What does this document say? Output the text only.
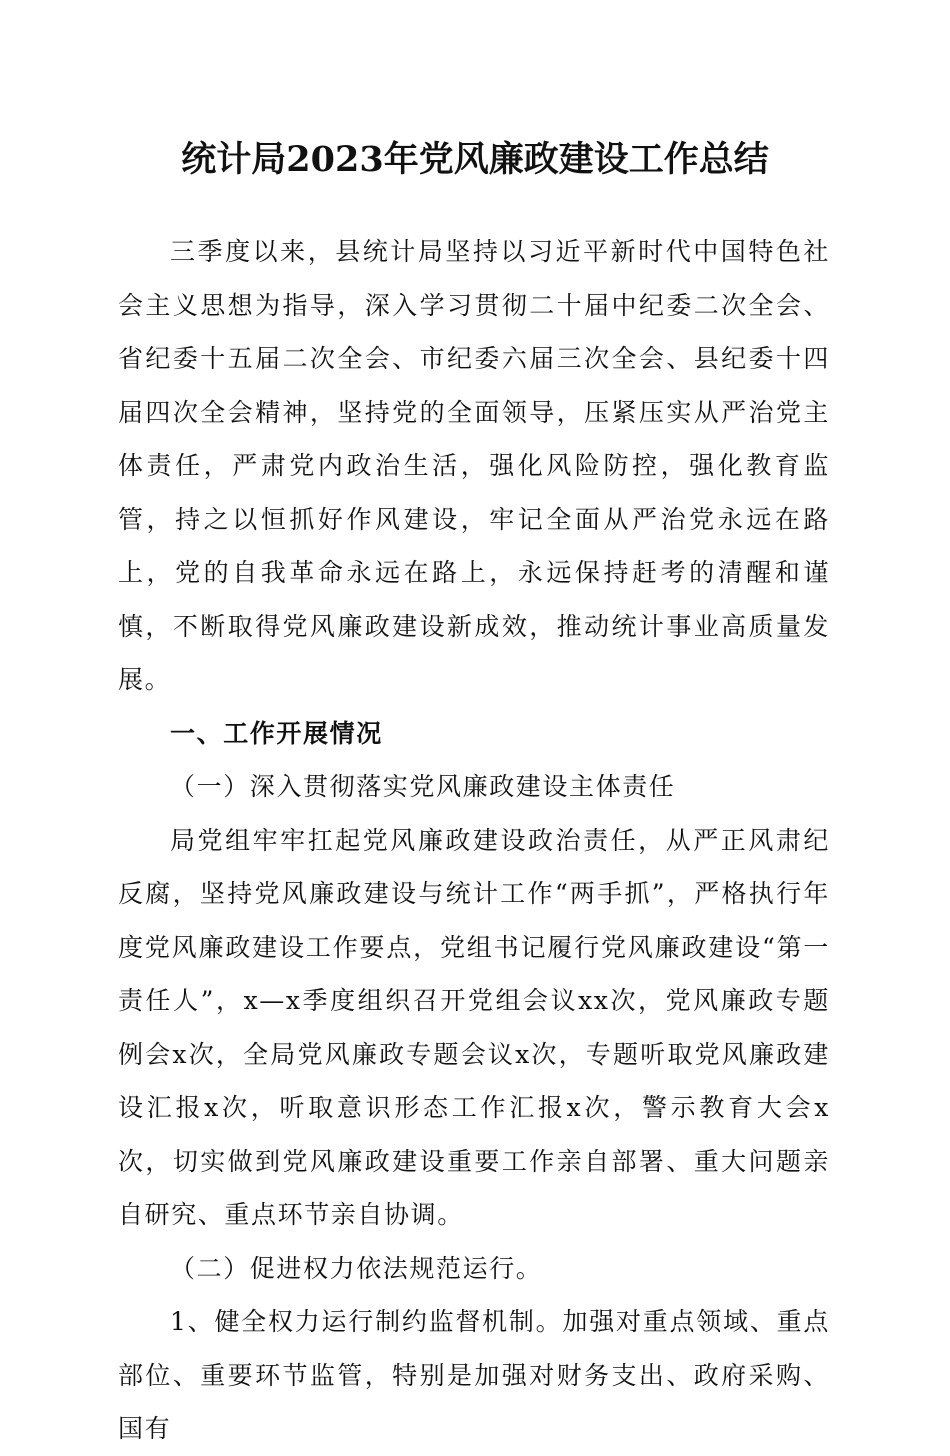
统计局2023年党风廉政建设工作总结

三季度以来，县统计局坚持以习近平新时代中国特色社会主义思想为指导，深入学习贯彻二十届中纪委二次全会、省纪委十五届二次全会、市纪委六届三次全会、县纪委十四届四次全会精神，坚持党的全面领导，压紧压实从严治党主体责任，严肃党内政治生活，强化风险防控，强化教育监管，持之以恒抓好作风建设，牢记全面从严治党永远在路上，党的自我革命永远在路上，永远保持赶考的清醒和谨慎，不断取得党风廉政建设新成效，推动统计事业高质量发展。

一、工作开展情况

（一）深入贯彻落实党风廉政建设主体责任

局党组牢牢扛起党风廉政建设政治责任，从严正风肃纪反腐，坚持党风廉政建设与统计工作“两手抓”，严格执行年度党风廉政建设工作要点，党组书记履行党风廉政建设“第一责任人”，x—x季度组织召开党组会议xx次，党风廉政专题例会x次，全局党风廉政专题会议x次，专题听取党风廉政建设汇报x次，听取意识形态工作汇报x次，警示教育大会x次，切实做到党风廉政建设重要工作亲自部署、重大问题亲自研究、重点环节亲自协调。

（二）促进权力依法规范运行。

1、健全权力运行制约监督机制。加强对重点领域、重点部位、重要环节监管，特别是加强对财务支出、政府采购、国有
